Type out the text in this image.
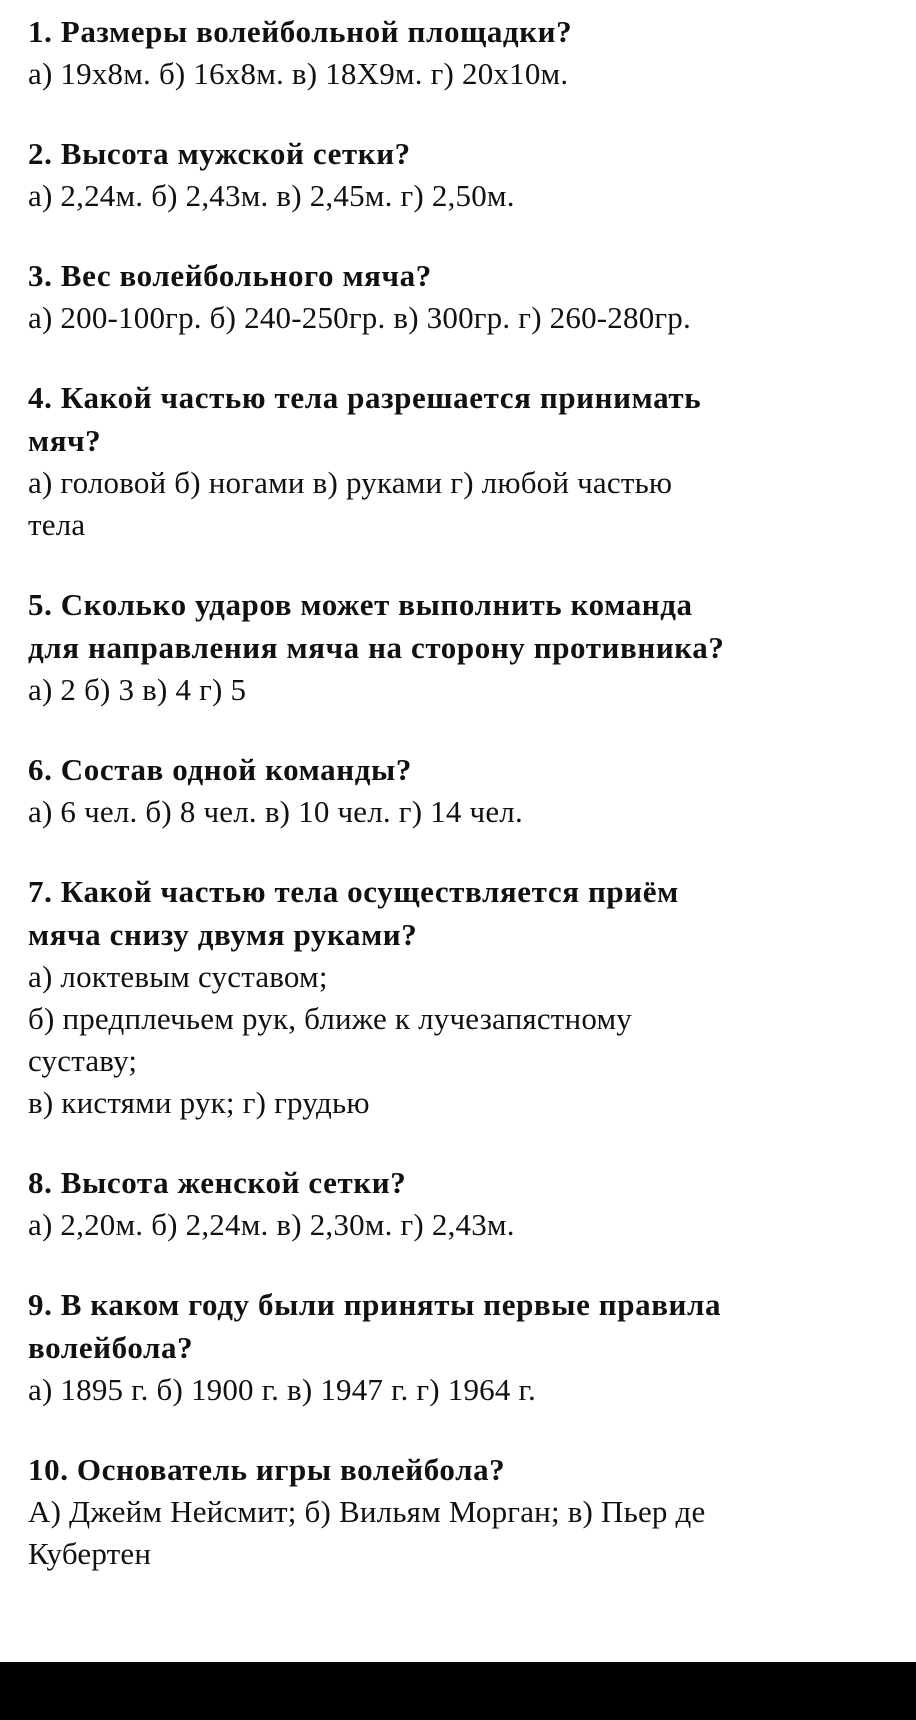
1. Размеры волейбольной площадки?

а) 19х8м. б) 16х8м. в) 18Х9м. г) 20х10м.

2. Высота мужской сетки?

а) 2,24м. б) 2,43м. в) 2,45м. г) 2,50м.

3. Вес волейбольного мяча?

а) 200-100гр. б) 240-250гр. в) 300гр. г) 260-280гр.

4. Какой частью тела разрешается принимать

мяч?

а) головой б) ногами в) руками г) любой частью

тела

5. Сколько ударов может выполнить команда

для направления мяча на сторону противника?

а) 2 б) 3 в) 4 г) 5

6. Состав одной команды?

а) 6 чел. б) 8 чел. в) 10 чел. г) 14 чел.

7. Какой частью тела осуществляется приём

мяча снизу двумя руками?

а) локтевым суставом;

б) предплечьем рук, ближе к лучезапястному

суставу;

в) кистями рук; г) грудью

8. Высота женской сетки?

а) 2,20м. б) 2,24м. в) 2,30м. г) 2,43м.

9. В каком году были приняты первые правила

волейбола?

а) 1895 г. б) 1900 г. в) 1947 г. г) 1964 г.

10. Основатель игры волейбола?

А) Джейм Нейсмит; б) Вильям Морган; в) Пьер де

Кубертен
